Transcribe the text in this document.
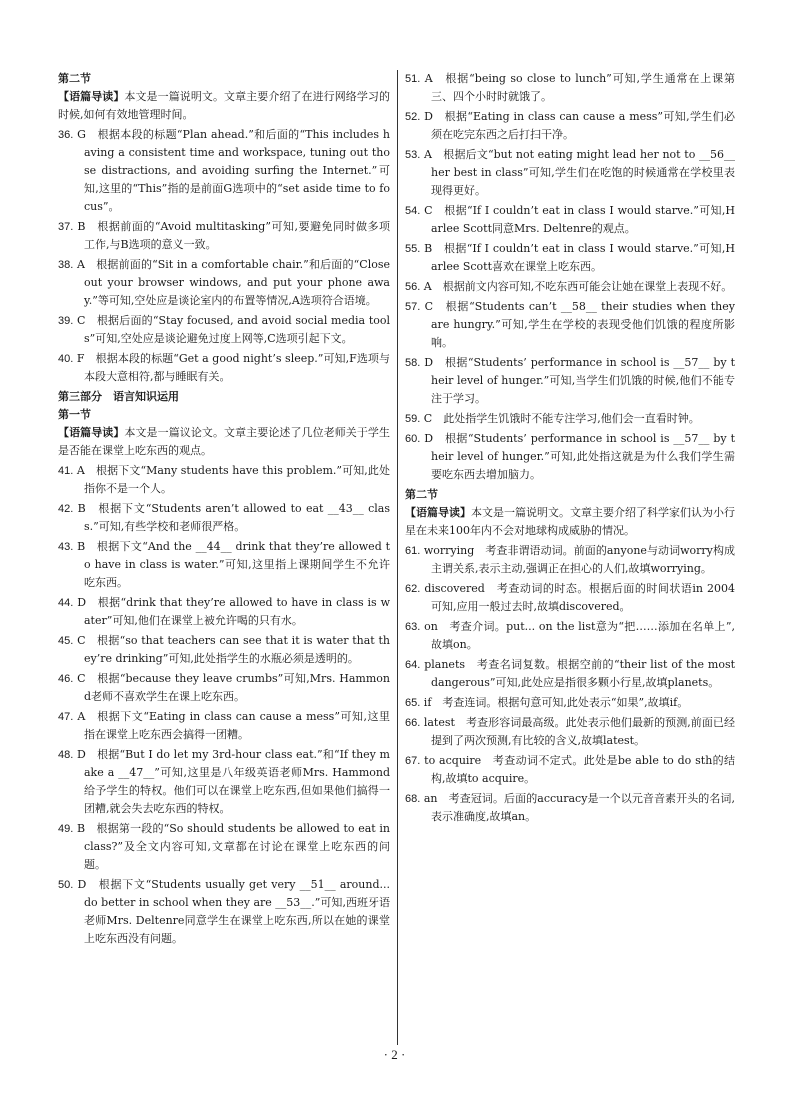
第二节

【语篇导读】本文是一篇说明文。文章主要介绍了在进行网络学习的时候,如何有效地管理时间。

36. G　根据本段的标题“Plan ahead.”和后面的“This includes having a consistent time and workspace, tuning out those distractions, and avoiding surfing the Internet.”可知,这里的“This”指的是前面G选项中的“set aside time to focus”。

37. B　根据前面的“Avoid multitasking”可知,要避免同时做多项工作,与B选项的意义一致。

38. A　根据前面的“Sit in a comfortable chair.”和后面的“Close out your browser windows, and put your phone away.”等可知,空处应是谈论室内的布置等情况,A选项符合语境。

39. C　根据后面的“Stay focused, and avoid social media tools”可知,空处应是谈论避免过度上网等,C选项引起下文。

40. F　根据本段的标题“Get a good night’s sleep.”可知,F选项与本段大意相符,都与睡眠有关。

第三部分　语言知识运用

第一节

【语篇导读】本文是一篇议论文。文章主要论述了几位老师关于学生是否能在课堂上吃东西的观点。

41. A　根据下文“Many students have this problem.”可知,此处指你不是一个人。

42. B　根据下文“Students aren’t allowed to eat __43__ class.”可知,有些学校和老师很严格。

43. B　根据下文“And the __44__ drink that they’re allowed to have in class is water.”可知,这里指上课期间学生不允许吃东西。

44. D　根据“drink that they’re allowed to have in class is water”可知,他们在课堂上被允许喝的只有水。

45. C　根据“so that teachers can see that it is water that they’re drinking”可知,此处指学生的水瓶必须是透明的。

46. C　根据“because they leave crumbs”可知,Mrs. Hammond老师不喜欢学生在课上吃东西。

47. A　根据下文“Eating in class can cause a mess”可知,这里指在课堂上吃东西会搞得一团糟。

48. D　根据“But I do let my 3rd-hour class eat.”和“If they make a __47__”可知,这里是八年级英语老师Mrs. Hammond给予学生的特权。他们可以在课堂上吃东西,但如果他们搞得一团糟,就会失去吃东西的特权。

49. B　根据第一段的“So should students be allowed to eat in class?”及全文内容可知,文章都在讨论在课堂上吃东西的问题。

50. D　根据下文“Students usually get very __51__ around... do better in school when they are __53__.”可知,西班牙语老师Mrs. Deltenre同意学生在课堂上吃东西,所以在她的课堂上吃东西没有问题。

51. A　根据“being so close to lunch”可知,学生通常在上课第三、四个小时时就饿了。

52. D　根据“Eating in class can cause a mess”可知,学生们必须在吃完东西之后打扫干净。

53. A　根据后文“but not eating might lead her not to __56__ her best in class”可知,学生们在吃饱的时候通常在学校里表现得更好。

54. C　根据“If I couldn’t eat in class I would starve.”可知,Harlee Scott同意Mrs. Deltenre的观点。

55. B　根据“If I couldn’t eat in class I would starve.”可知,Harlee Scott喜欢在课堂上吃东西。

56. A　根据前文内容可知,不吃东西可能会让她在课堂上表现不好。

57. C　根据“Students can’t __58__ their studies when they are hungry.”可知,学生在学校的表现受他们饥饿的程度所影响。

58. D　根据“Students’ performance in school is __57__ by their level of hunger.”可知,当学生们饥饿的时候,他们不能专注于学习。

59. C　此处指学生饥饿时不能专注学习,他们会一直看时钟。

60. D　根据“Students’ performance in school is __57__ by their level of hunger.”可知,此处指这就是为什么我们学生需要吃东西去增加脑力。

第二节

【语篇导读】本文是一篇说明文。文章主要介绍了科学家们认为小行星在未来100年内不会对地球构成威胁的情况。

61. worrying　考查非谓语动词。前面的anyone与动词worry构成主谓关系,表示主动,强调正在担心的人们,故填worrying。

62. discovered　考查动词的时态。根据后面的时间状语in 2004可知,应用一般过去时,故填discovered。

63. on　考查介词。put... on the list意为“把……添加在名单上”,故填on。

64. planets　考查名词复数。根据空前的“their list of the most dangerous”可知,此处应是指很多颗小行星,故填planets。

65. if　考查连词。根据句意可知,此处表示“如果”,故填if。

66. latest　考查形容词最高级。此处表示他们最新的预测,前面已经提到了两次预测,有比较的含义,故填latest。

67. to acquire　考查动词不定式。此处是be able to do sth的结构,故填to acquire。

68. an　考查冠词。后面的accuracy是一个以元音音素开头的名词,表示准确度,故填an。

· 2 ·
